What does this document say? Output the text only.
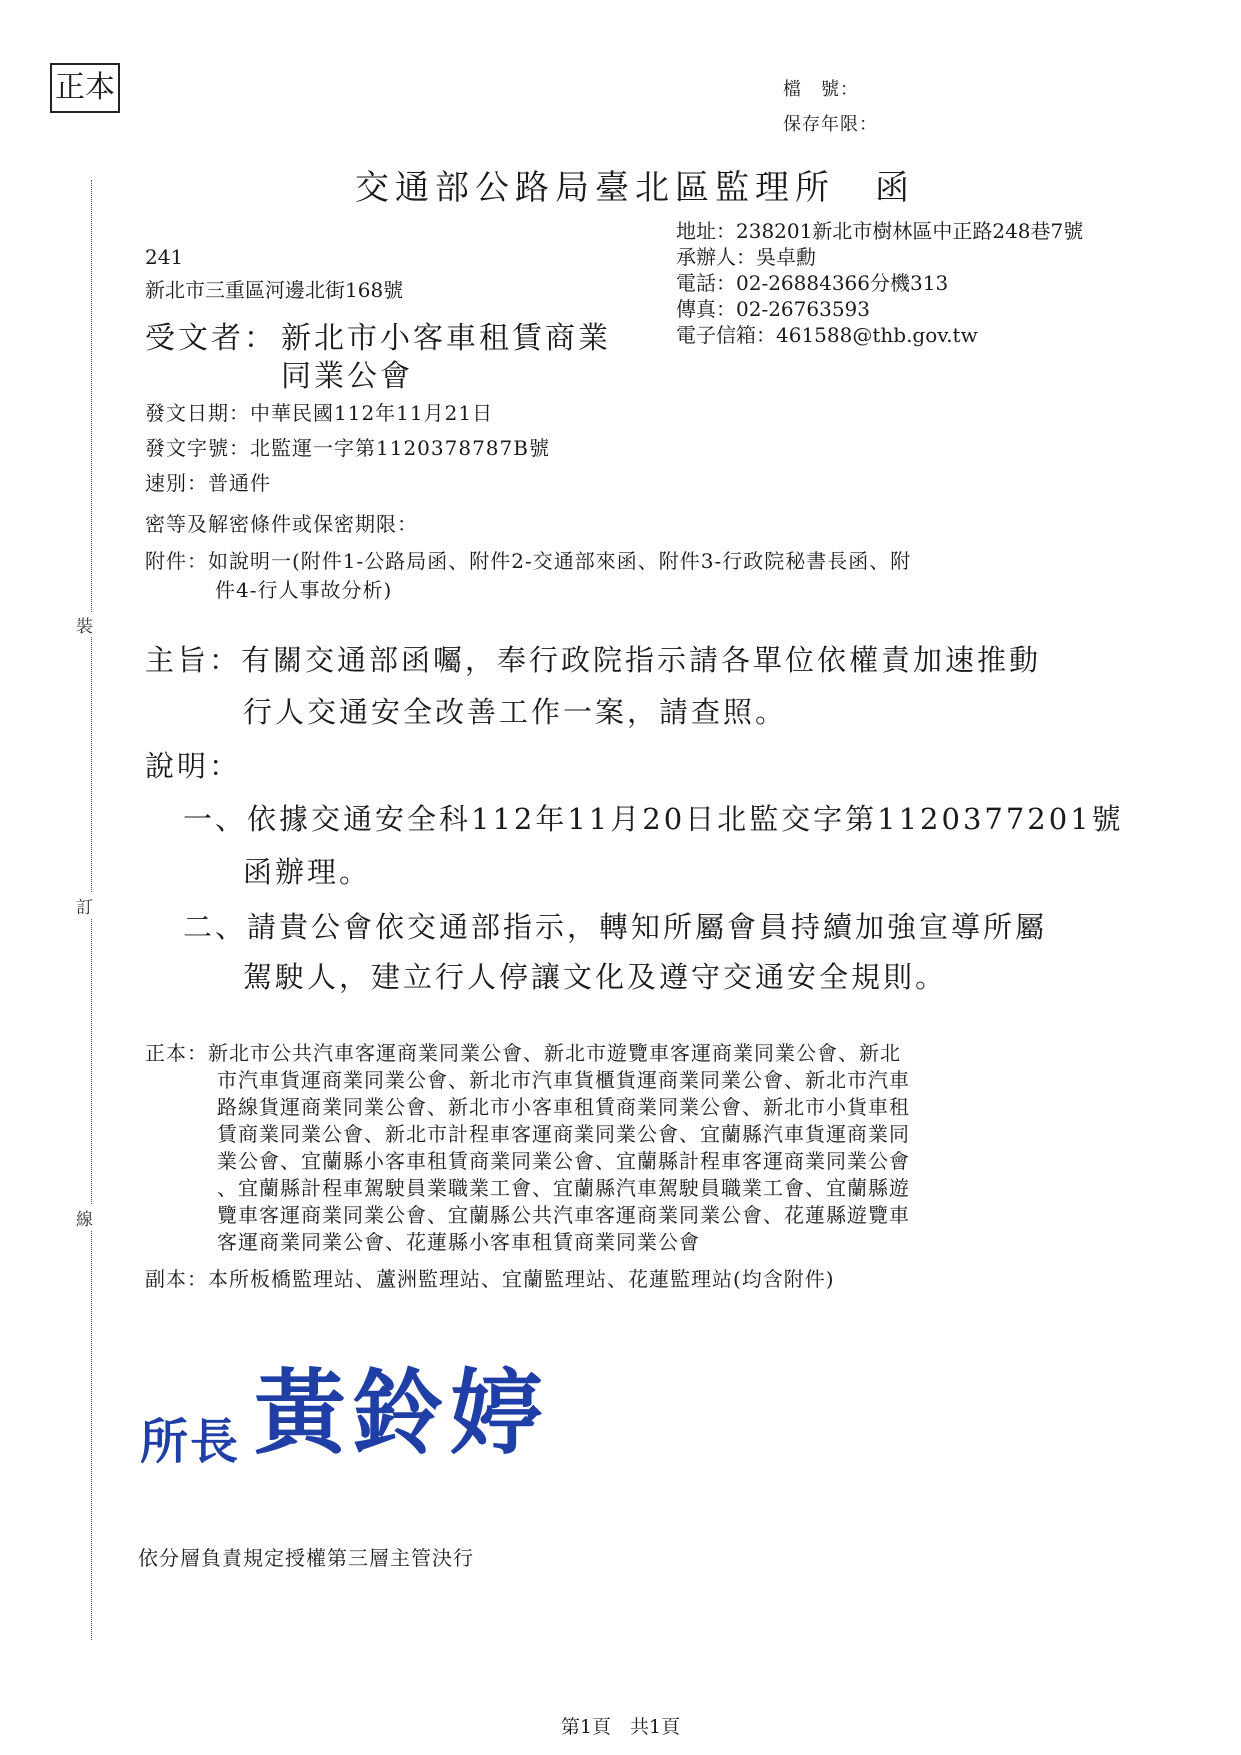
正本	檔　號：
保存年限：
裝
訂
線
交通部公路局臺北區監理所　函
地址：238201新北市樹林區中正路248巷7號
承辦人：吳卓勳
電話：02-26884366分機313
傳真：02-26763593
電子信箱：461588@thb.gov.tw
241
新北市三重區河邊北街168號
受文者： 新北市小客車租賃商業
同業公會
發文日期：中華民國112年11月21日
發文字號：北監運一字第1120378787B號
速別：普通件
密等及解密條件或保密期限：
附件：如說明一(附件1-公路局函、附件2-交通部來函、附件3-行政院秘書長函、附
件4-行人事故分析)
主旨：有關交通部函囑，奉行政院指示請各單位依權責加速推動
行人交通安全改善工作一案，請查照。
說明：
一、依據交通安全科112年11月20日北監交字第1120377201號
函辦理。
二、請貴公會依交通部指示，轉知所屬會員持續加強宣導所屬
駕駛人，建立行人停讓文化及遵守交通安全規則。
正本：新北市公共汽車客運商業同業公會、新北市遊覽車客運商業同業公會、新北
市汽車貨運商業同業公會、新北市汽車貨櫃貨運商業同業公會、新北市汽車
路線貨運商業同業公會、新北市小客車租賃商業同業公會、新北市小貨車租
賃商業同業公會、新北市計程車客運商業同業公會、宜蘭縣汽車貨運商業同
業公會、宜蘭縣小客車租賃商業同業公會、宜蘭縣計程車客運商業同業公會
、宜蘭縣計程車駕駛員業職業工會、宜蘭縣汽車駕駛員職業工會、宜蘭縣遊
覽車客運商業同業公會、宜蘭縣公共汽車客運商業同業公會、花蓮縣遊覽車
客運商業同業公會、花蓮縣小客車租賃商業同業公會
副本：本所板橋監理站、蘆洲監理站、宜蘭監理站、花蓮監理站(均含附件)
所長 黃鈴婷
依分層負責規定授權第三層主管決行
第1頁　共1頁
